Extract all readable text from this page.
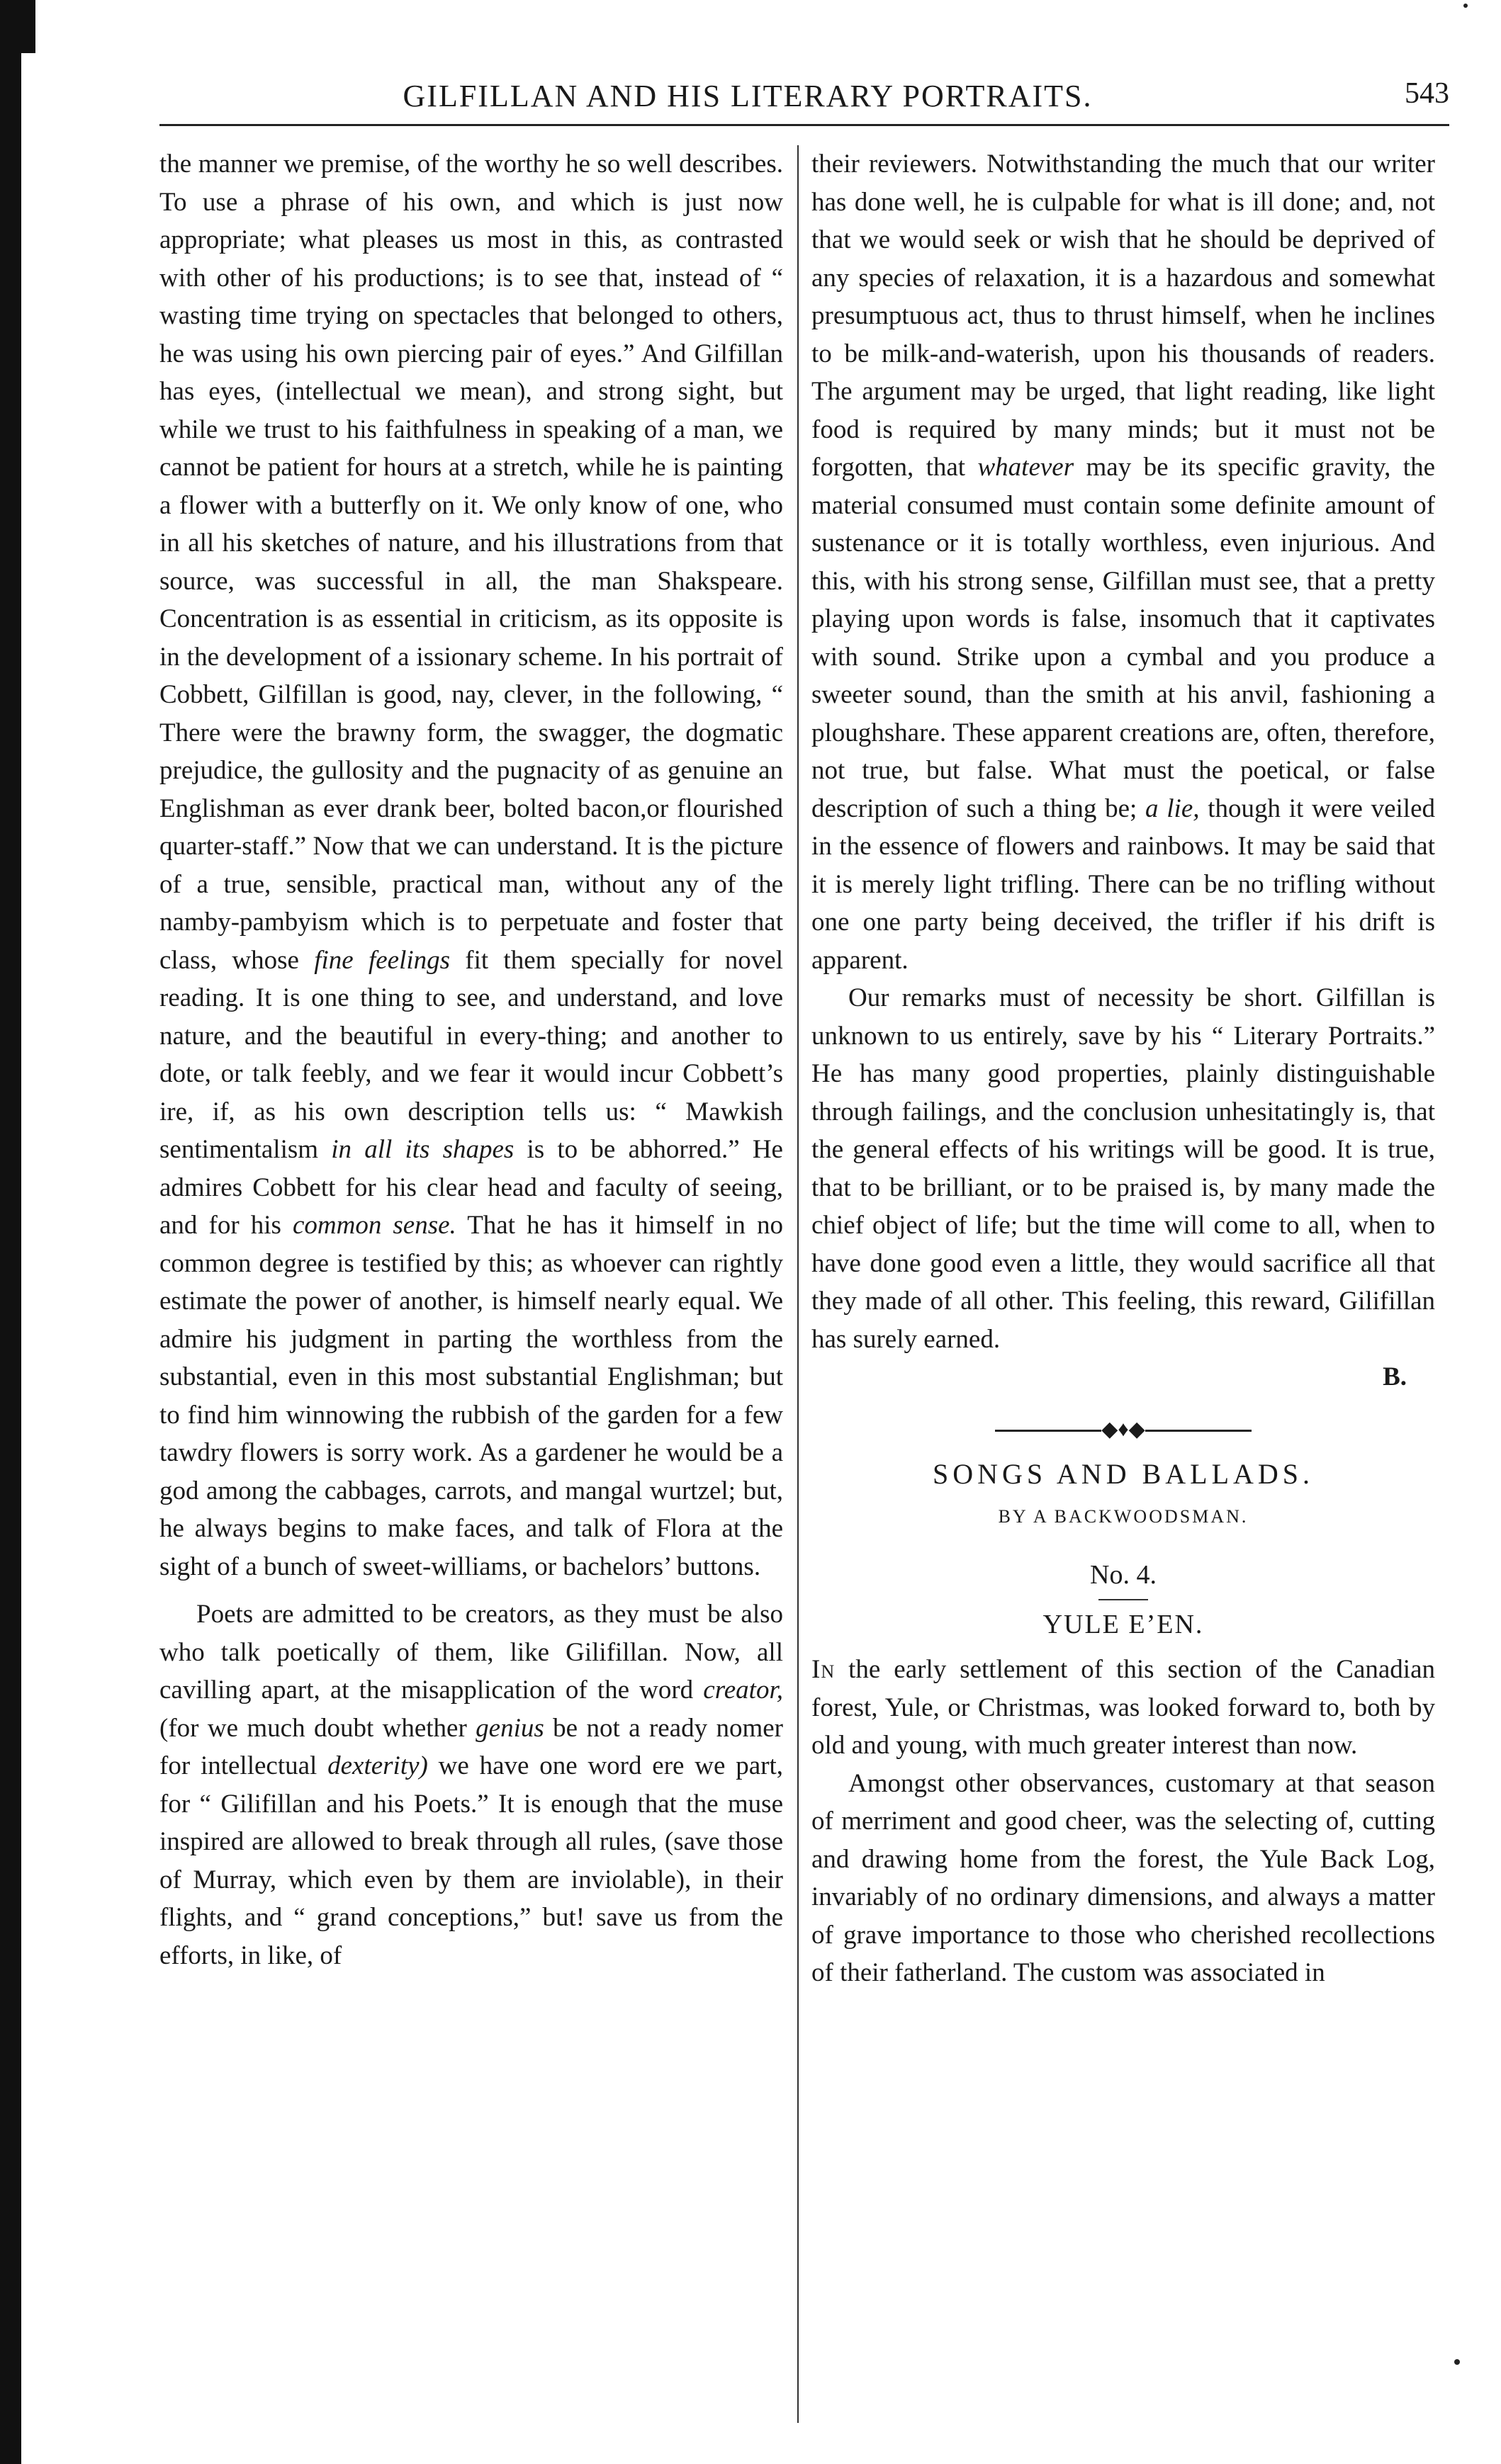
GILFILLAN AND HIS LITERARY PORTRAITS.	543

the manner we premise, of the worthy he so well describes. To use a phrase of his own, and which is just now appropriate; what pleases us most in this, as contrasted with other of his productions; is to see that, instead of “ wasting time trying on spectacles that belonged to others, he was using his own piercing pair of eyes.” And Gilfillan has eyes, (intellectual we mean), and strong sight, but while we trust to his faithfulness in speaking of a man, we cannot be patient for hours at a stretch, while he is painting a flower with a butterfly on it. We only know of one, who in all his sketches of nature, and his illustrations from that source, was successful in all, the man Shakspeare. Concentration is as essential in criticism, as its opposite is in the development of a issionary scheme. In his portrait of Cobbett, Gilfillan is good, nay, clever, in the following, “ There were the brawny form, the swagger, the dogmatic prejudice, the gullosity and the pugnacity of as genuine an Englishman as ever drank beer, bolted bacon,or flourished quarter-staff.” Now that we can understand. It is the picture of a true, sensible, practical man, without any of the namby-pambyism which is to perpetuate and foster that class, whose fine feelings fit them specially for novel reading. It is one thing to see, and understand, and love nature, and the beautiful in every-thing; and another to dote, or talk feebly, and we fear it would incur Cobbett’s ire, if, as his own description tells us: “ Mawkish sentimentalism in all its shapes is to be abhorred.” He admires Cobbett for his clear head and faculty of seeing, and for his common sense. That he has it himself in no common degree is testified by this; as whoever can rightly estimate the power of another, is himself nearly equal. We admire his judgment in parting the worthless from the substantial, even in this most substantial Englishman; but to find him winnowing the rubbish of the garden for a few tawdry flowers is sorry work. As a gardener he would be a god among the cabbages, carrots, and mangal wurtzel; but, he always begins to make faces, and talk of Flora at the sight of a bunch of sweet-williams, or bachelors’ buttons.

Poets are admitted to be creators, as they must be also who talk poetically of them, like Gilifillan. Now, all cavilling apart, at the misapplication of the word creator, (for we much doubt whether genius be not a ready nomer for intellectual dexterity) we have one word ere we part, for “ Gilifillan and his Poets.” It is enough that the muse inspired are allowed to break through all rules, (save those of Murray, which even by them are inviolable), in their flights, and “ grand conceptions,” but! save us from the efforts, in like, of

their reviewers. Notwithstanding the much that our writer has done well, he is culpable for what is ill done; and, not that we would seek or wish that he should be deprived of any species of relaxation, it is a hazardous and somewhat presumptuous act, thus to thrust himself, when he inclines to be milk-and-waterish, upon his thousands of readers. The argument may be urged, that light reading, like light food is required by many minds; but it must not be forgotten, that whatever may be its specific gravity, the material consumed must contain some definite amount of sustenance or it is totally worthless, even injurious. And this, with his strong sense, Gilfillan must see, that a pretty playing upon words is false, insomuch that it captivates with sound. Strike upon a cymbal and you produce a sweeter sound, than the smith at his anvil, fashioning a ploughshare. These apparent creations are, often, therefore, not true, but false. What must the poetical, or false description of such a thing be; a lie, though it were veiled in the essence of flowers and rainbows. It may be said that it is merely light trifling. There can be no trifling without one one party being deceived, the trifler if his drift is apparent.

Our remarks must of necessity be short. Gilfillan is unknown to us entirely, save by his “ Literary Portraits.” He has many good properties, plainly distinguishable through failings, and the conclusion unhesitatingly is, that the general effects of his writings will be good. It is true, that to be brilliant, or to be praised is, by many made the chief object of life; but the time will come to all, when to have done good even a little, they would sacrifice all that they made of all other. This feeling, this reward, Gilifillan has surely earned.

B.
◆♦◆
SONGS AND BALLADS.
BY A BACKWOODSMAN.
No. 4.
YULE E’EN.

In the early settlement of this section of the Canadian forest, Yule, or Christmas, was looked forward to, both by old and young, with much greater interest than now.

Amongst other observances, customary at that season of merriment and good cheer, was the selecting of, cutting and drawing home from the forest, the Yule Back Log, invariably of no ordinary dimensions, and always a matter of grave importance to those who cherished recollections of their fatherland. The custom was associated in
